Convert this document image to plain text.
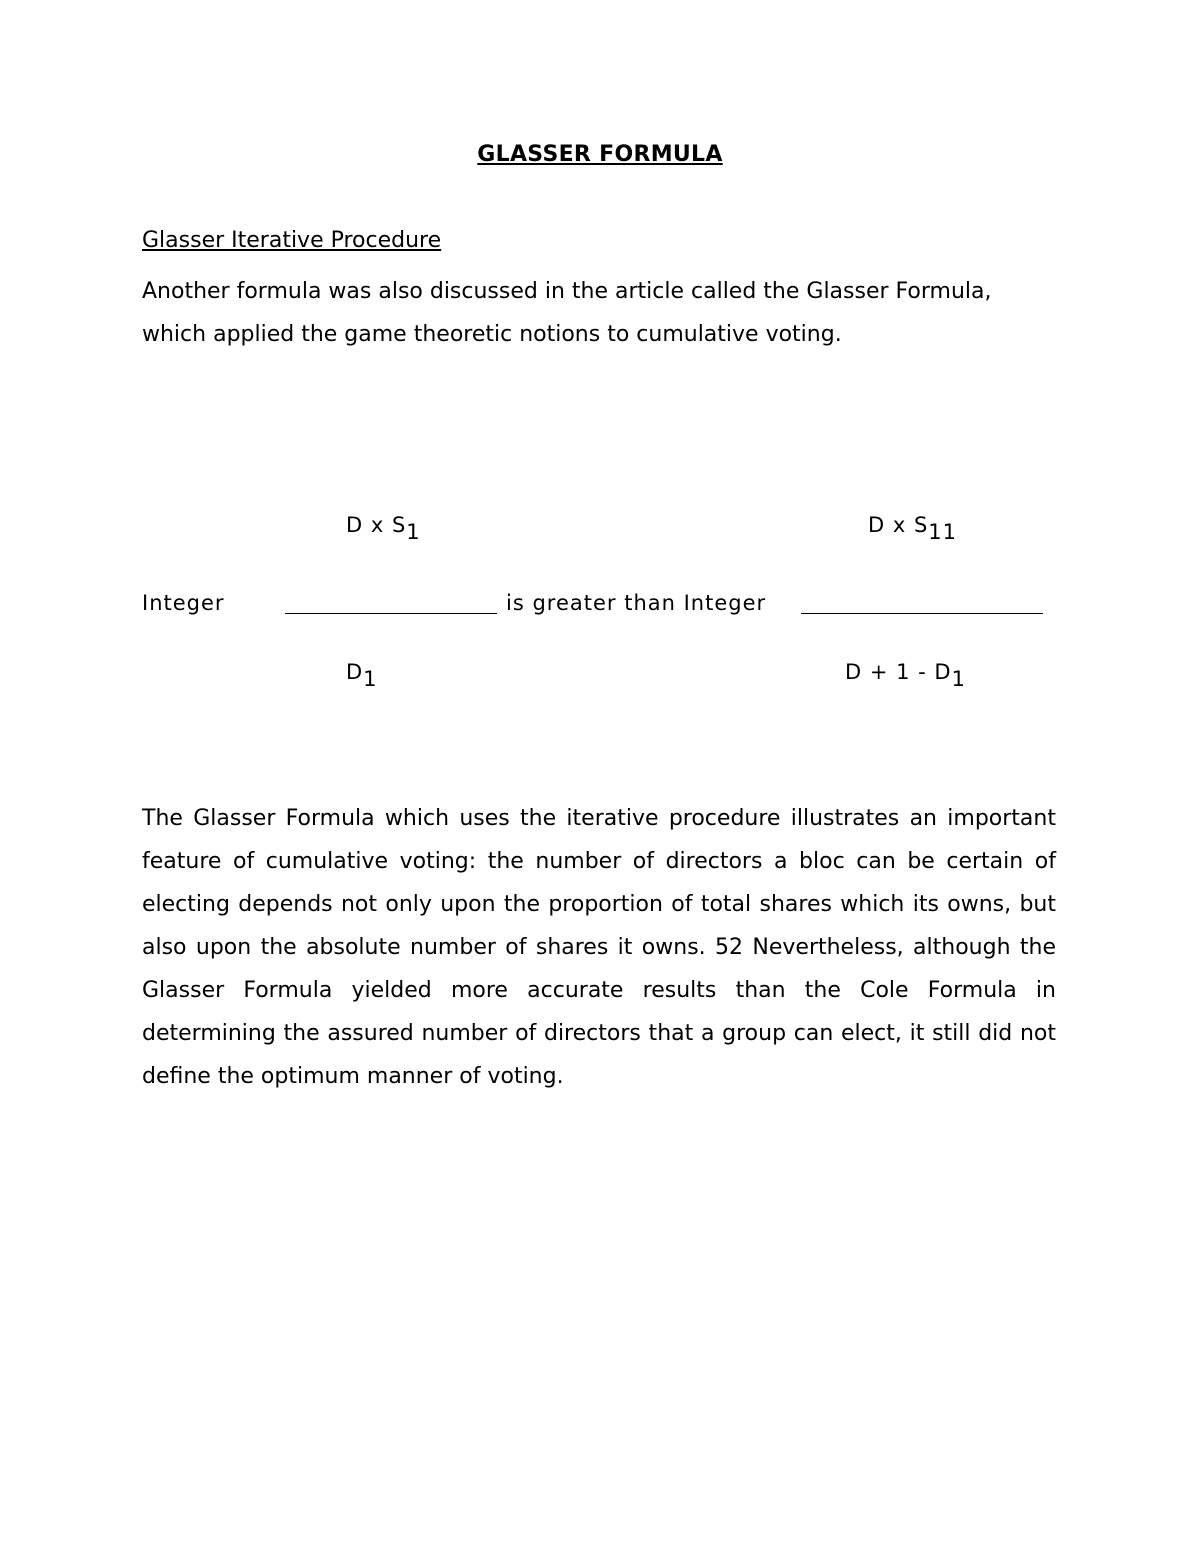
GLASSER FORMULA
Glasser Iterative Procedure

Another formula was also discussed in the article called the Glasser Formula,
which applied the game theoretic notions to cumulative voting.

D x $S_1$	D x $S_{11}$
Integer	is greater than Integer
$D_1$	$D + 1 - D_1$

The Glasser Formula which uses the iterative procedure illustrates an important feature of cumulative voting: the number of directors a bloc can be certain of electing depends not only upon the proportion of total shares which its owns, but also upon the absolute number of shares it owns. 52 Nevertheless, although the Glasser Formula yielded more accurate results than the Cole Formula in determining the assured number of directors that a group can elect, it still did not define the optimum manner of voting.
